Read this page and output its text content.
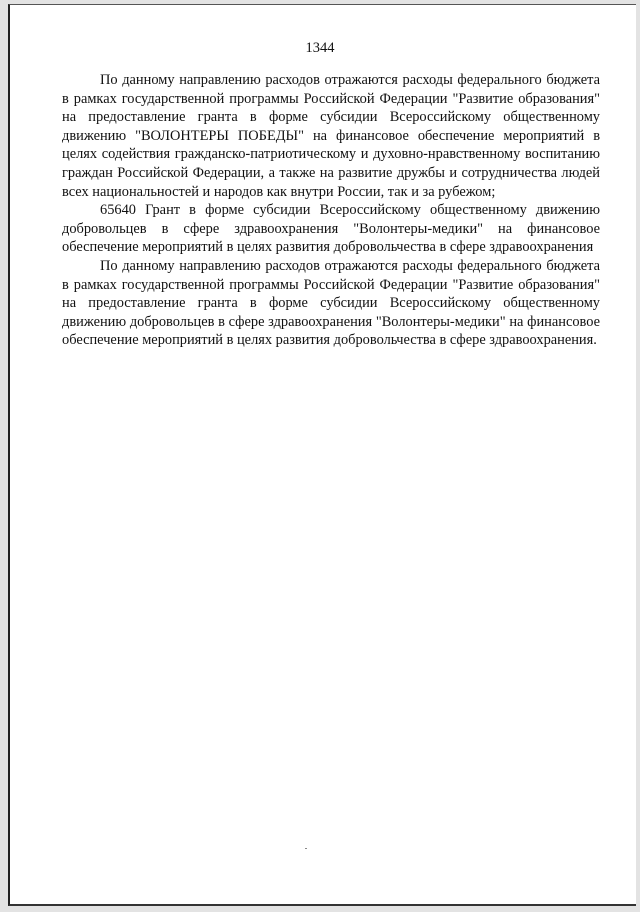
1344

По данному направлению расходов отражаются расходы федерального бюджета в рамках государственной программы Российской Федерации "Развитие образования" на предоставление гранта в форме субсидии Всероссийскому общественному движению "ВОЛОНТЕРЫ ПОБЕДЫ" на финансовое обеспечение мероприятий в целях содействия гражданско-патриотическому и духовно-нравственному воспитанию граждан Российской Федерации, а также на развитие дружбы и сотрудничества людей всех национальностей и народов как внутри России, так и за рубежом;

65640 Грант в форме субсидии Всероссийскому общественному движению добровольцев в сфере здравоохранения "Волонтеры-медики" на финансовое обеспечение мероприятий в целях развития добровольчества в сфере здравоохранения

По данному направлению расходов отражаются расходы федерального бюджета в рамках государственной программы Российской Федерации "Развитие образования" на предоставление гранта в форме субсидии Всероссийскому общественному движению добровольцев в сфере здравоохранения "Волонтеры-медики" на финансовое обеспечение мероприятий в целях развития добровольчества в сфере здравоохранения.
